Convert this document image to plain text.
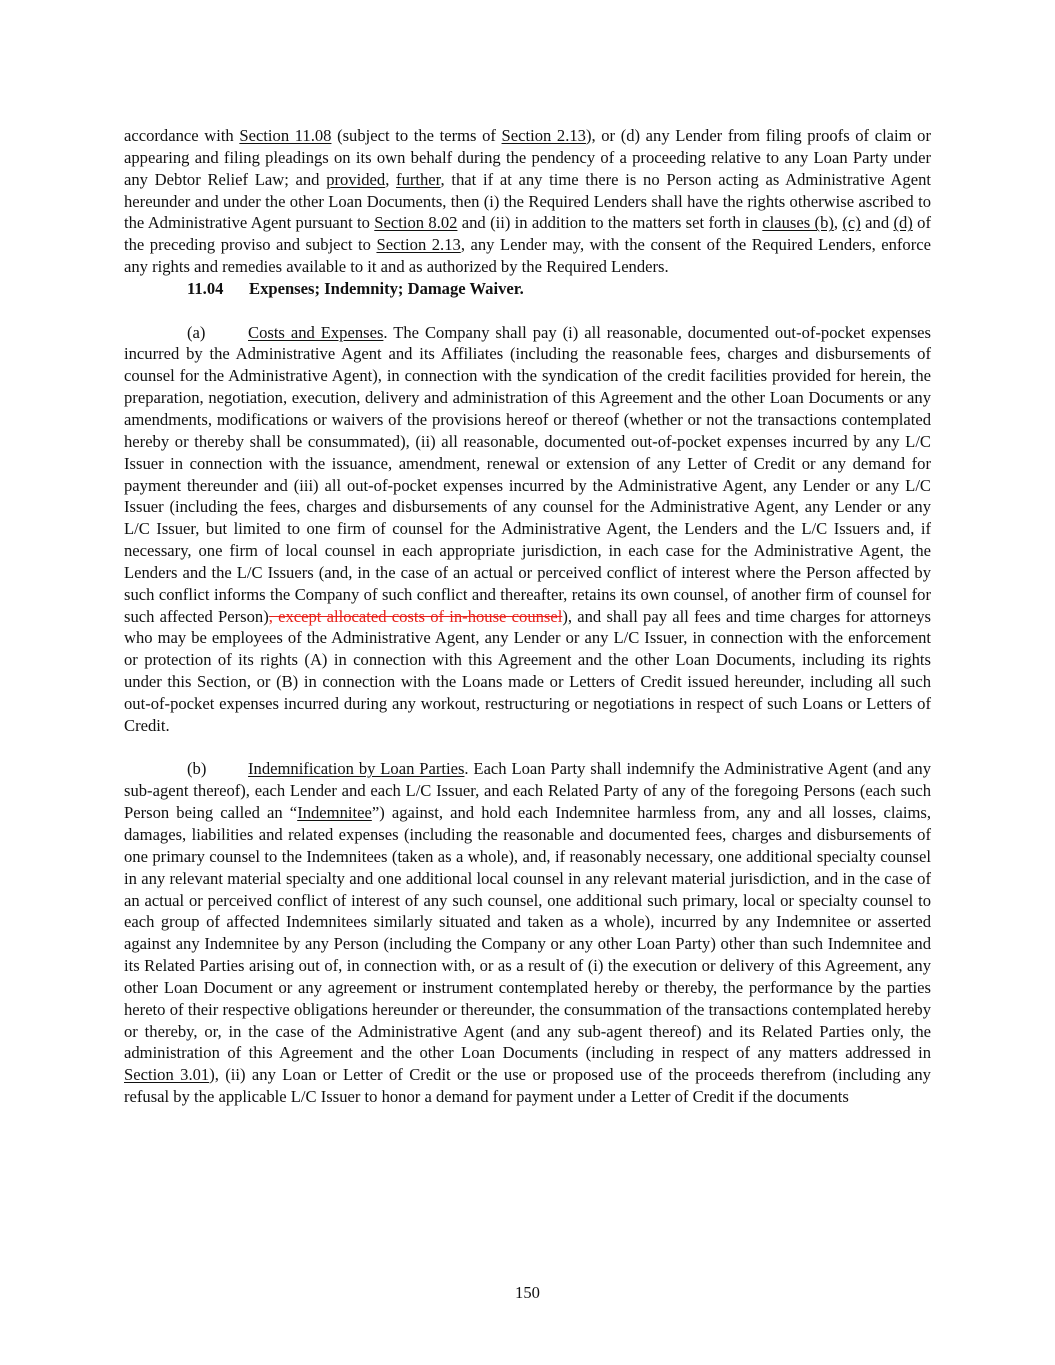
accordance with Section 11.08 (subject to the terms of Section 2.13), or (d) any Lender from filing proofs of claim or appearing and filing pleadings on its own behalf during the pendency of a proceeding relative to any Loan Party under any Debtor Relief Law; and provided, further, that if at any time there is no Person acting as Administrative Agent hereunder and under the other Loan Documents, then (i) the Required Lenders shall have the rights otherwise ascribed to the Administrative Agent pursuant to Section 8.02 and (ii) in addition to the matters set forth in clauses (b), (c) and (d) of the preceding proviso and subject to Section 2.13, any Lender may, with the consent of the Required Lenders, enforce any rights and remedies available to it and as authorized by the Required Lenders.

11.04 Expenses; Indemnity; Damage Waiver.

(a)	Costs and Expenses. The Company shall pay (i) all reasonable, documented out-of-pocket expenses incurred by the Administrative Agent and its Affiliates (including the reasonable fees, charges and disbursements of counsel for the Administrative Agent), in connection with the syndication of the credit facilities provided for herein, the preparation, negotiation, execution, delivery and administration of this Agreement and the other Loan Documents or any amendments, modifications or waivers of the provisions hereof or thereof (whether or not the transactions contemplated hereby or thereby shall be consummated), (ii) all reasonable, documented out-of-pocket expenses incurred by any L/C Issuer in connection with the issuance, amendment, renewal or extension of any Letter of Credit or any demand for payment thereunder and (iii) all out-of-pocket expenses incurred by the Administrative Agent, any Lender or any L/C Issuer (including the fees, charges and disbursements of any counsel for the Administrative Agent, any Lender or any L/C Issuer, but limited to one firm of counsel for the Administrative Agent, the Lenders and the L/C Issuers and, if necessary, one firm of local counsel in each appropriate jurisdiction, in each case for the Administrative Agent, the Lenders and the L/C Issuers (and, in the case of an actual or perceived conflict of interest where the Person affected by such conflict informs the Company of such conflict and thereafter, retains its own counsel, of another firm of counsel for such affected Person), except allocated costs of in-house counsel), and shall pay all fees and time charges for attorneys who may be employees of the Administrative Agent, any Lender or any L/C Issuer, in connection with the enforcement or protection of its rights (A) in connection with this Agreement and the other Loan Documents, including its rights under this Section, or (B) in connection with the Loans made or Letters of Credit issued hereunder, including all such out-of-pocket expenses incurred during any workout, restructuring or negotiations in respect of such Loans or Letters of Credit.

(b)	Indemnification by Loan Parties. Each Loan Party shall indemnify the Administrative Agent (and any sub-agent thereof), each Lender and each L/C Issuer, and each Related Party of any of the foregoing Persons (each such Person being called an “Indemnitee”) against, and hold each Indemnitee harmless from, any and all losses, claims, damages, liabilities and related expenses (including the reasonable and documented fees, charges and disbursements of one primary counsel to the Indemnitees (taken as a whole), and, if reasonably necessary, one additional specialty counsel in any relevant material specialty and one additional local counsel in any relevant material jurisdiction, and in the case of an actual or perceived conflict of interest of any such counsel, one additional such primary, local or specialty counsel to each group of affected Indemnitees similarly situated and taken as a whole), incurred by any Indemnitee or asserted against any Indemnitee by any Person (including the Company or any other Loan Party) other than such Indemnitee and its Related Parties arising out of, in connection with, or as a result of (i) the execution or delivery of this Agreement, any other Loan Document or any agreement or instrument contemplated hereby or thereby, the performance by the parties hereto of their respective obligations hereunder or thereunder, the consummation of the transactions contemplated hereby or thereby, or, in the case of the Administrative Agent (and any sub-agent thereof) and its Related Parties only, the administration of this Agreement and the other Loan Documents (including in respect of any matters addressed in Section 3.01), (ii) any Loan or Letter of Credit or the use or proposed use of the proceeds therefrom (including any refusal by the applicable L/C Issuer to honor a demand for payment under a Letter of Credit if the documents

150
